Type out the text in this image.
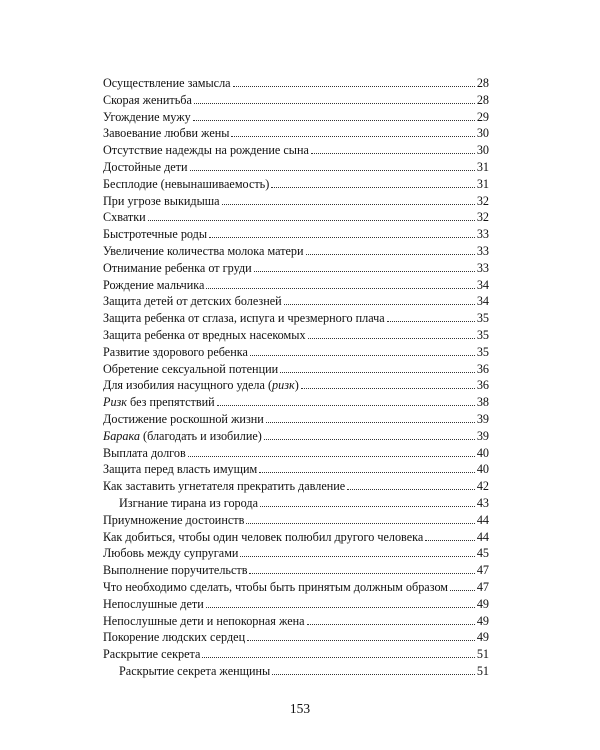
Осуществление замысла	28
Скорая женитьба	28
Угождение мужу	29
Завоевание любви жены	30
Отсутствие надежды на рождение сына	30
Достойные дети	31
Бесплодие (невынашиваемость)	31
При угрозе выкидыша	32
Схватки	32
Быстротечные роды	33
Увеличение количества молока матери	33
Отнимание ребенка от груди	33
Рождение мальчика	34
Защита детей от детских болезней	34
Защита ребенка от сглаза, испуга и чрезмерного плача	35
Защита ребенка от вредных насекомых	35
Развитие здорового ребенка	35
Обретение сексуальной потенции	36
Для изобилия насущного удела (ризк)	36
Ризк без препятствий	38
Достижение роскошной жизни	39
Барака (благодать и изобилие)	39
Выплата долгов	40
Защита перед власть имущим	40
Как заставить угнетателя прекратить давление	42
Изгнание тирана из города	43
Приумножение достоинств	44
Как добиться, чтобы один человек полюбил другого человека	44
Любовь между супругами	45
Выполнение поручительств	47
Что необходимо сделать, чтобы быть принятым должным образом 47
Непослушные дети	49
Непослушные дети и непокорная жена	49
Покорение людских сердец	49
Раскрытие секрета	51
Раскрытие секрета женщины	51
153
